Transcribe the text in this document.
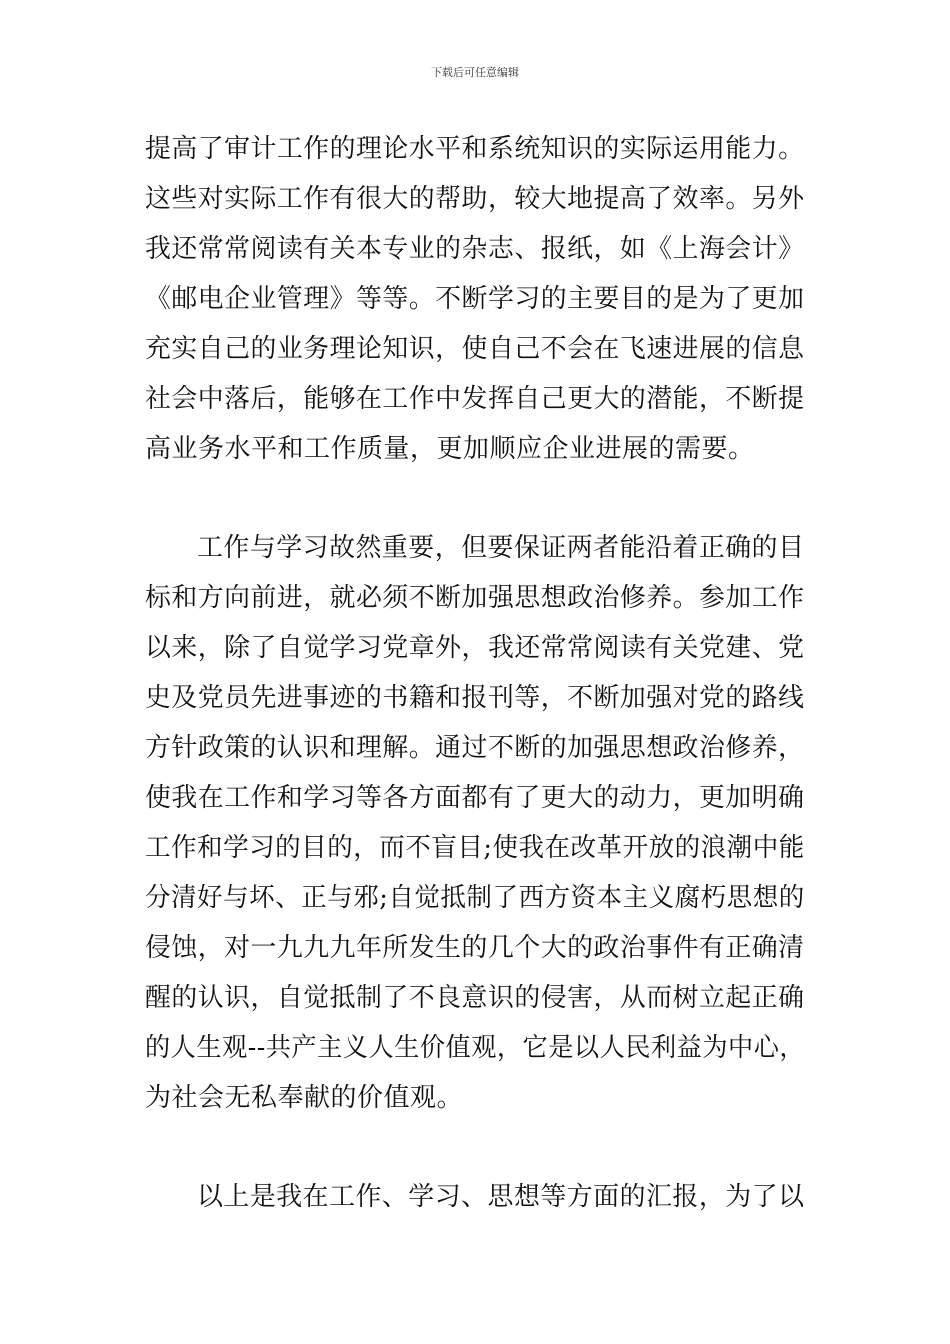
下载后可任意编辑
提高了审计工作的理论水平和系统知识的实际运用能力。
这些对实际工作有很大的帮助，较大地提高了效率。另外
我还常常阅读有关本专业的杂志、报纸，如《上海会计》
《邮电企业管理》等等。不断学习的主要目的是为了更加
充实自己的业务理论知识，使自己不会在飞速进展的信息
社会中落后，能够在工作中发挥自己更大的潜能，不断提
高业务水平和工作质量，更加顺应企业进展的需要。
工作与学习故然重要，但要保证两者能沿着正确的目
标和方向前进，就必须不断加强思想政治修养。参加工作
以来，除了自觉学习党章外，我还常常阅读有关党建、党
史及党员先进事迹的书籍和报刊等，不断加强对党的路线
方针政策的认识和理解。通过不断的加强思想政治修养，
使我在工作和学习等各方面都有了更大的动力，更加明确
工作和学习的目的，而不盲目;使我在改革开放的浪潮中能
分清好与坏、正与邪;自觉抵制了西方资本主义腐朽思想的
侵蚀，对一九九九年所发生的几个大的政治事件有正确清
醒的认识，自觉抵制了不良意识的侵害，从而树立起正确
的人生观--共产主义人生价值观，它是以人民利益为中心，
为社会无私奉献的价值观。
以上是我在工作、学习、思想等方面的汇报，为了以
